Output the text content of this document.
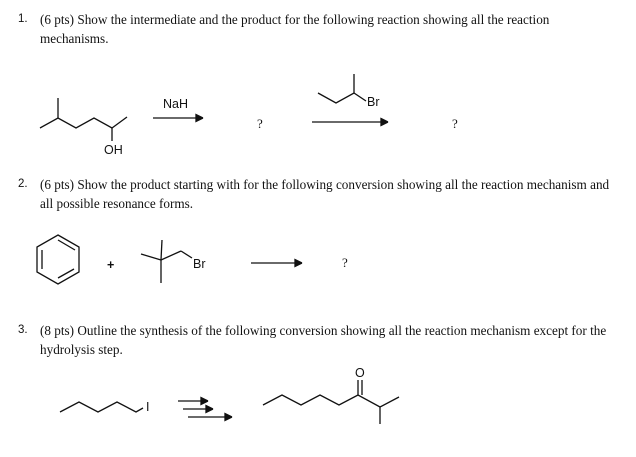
1. (6 pts) Show the intermediate and the product for the following reaction showing all the reaction mechanisms.
OH
NaH
?
Br
?
2. (6 pts) Show the product starting with for the following conversion showing all the reaction mechanism and all possible resonance forms.
+	Br	?
3. (8 pts) Outline the synthesis of the following conversion showing all the reaction mechanism except for the hydrolysis step.
I
O
